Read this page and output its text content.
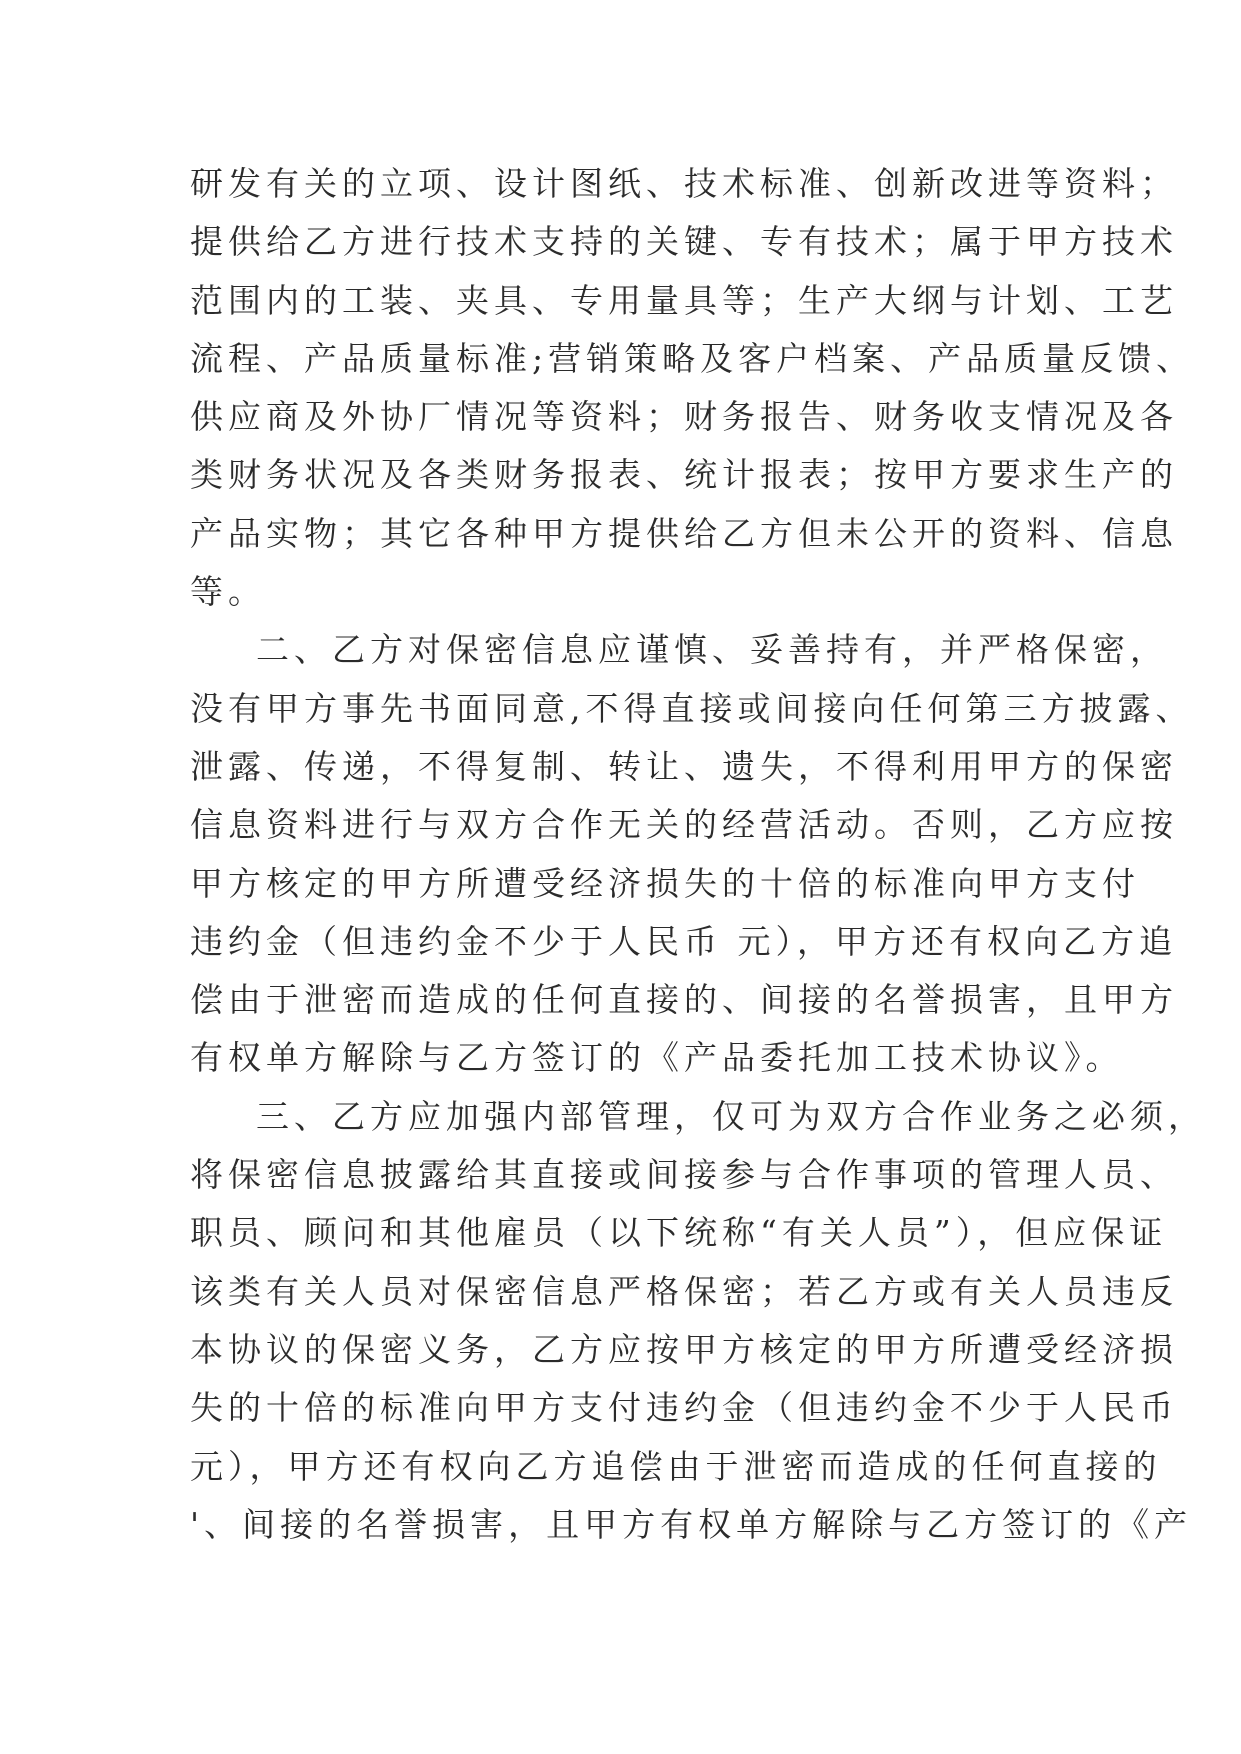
研发有关的立项、设计图纸、技术标准、创新改进等资料；
提供给乙方进行技术支持的关键、专有技术；属于甲方技术
范围内的工装、夹具、专用量具等；生产大纲与计划、工艺
流程、产品质量标准;营销策略及客户档案、产品质量反馈、
供应商及外协厂情况等资料；财务报告、财务收支情况及各
类财务状况及各类财务报表、统计报表；按甲方要求生产的
产品实物；其它各种甲方提供给乙方但未公开的资料、信息
等。
二、乙方对保密信息应谨慎、妥善持有，并严格保密，
没有甲方事先书面同意,不得直接或间接向任何第三方披露、
泄露、传递，不得复制、转让、遗失，不得利用甲方的保密
信息资料进行与双方合作无关的经营活动。否则，乙方应按
甲方核定的甲方所遭受经济损失的十倍的标准向甲方支付
违约金（但违约金不少于人民币 元），甲方还有权向乙方追
偿由于泄密而造成的任何直接的、间接的名誉损害，且甲方
有权单方解除与乙方签订的《产品委托加工技术协议》。
三、乙方应加强内部管理，仅可为双方合作业务之必须，
将保密信息披露给其直接或间接参与合作事项的管理人员、
职员、顾问和其他雇员（以下统称“有关人员”），但应保证
该类有关人员对保密信息严格保密；若乙方或有关人员违反
本协议的保密义务，乙方应按甲方核定的甲方所遭受经济损
失的十倍的标准向甲方支付违约金（但违约金不少于人民币
元），甲方还有权向乙方追偿由于泄密而造成的任何直接的
'、间接的名誉损害，且甲方有权单方解除与乙方签订的《产
